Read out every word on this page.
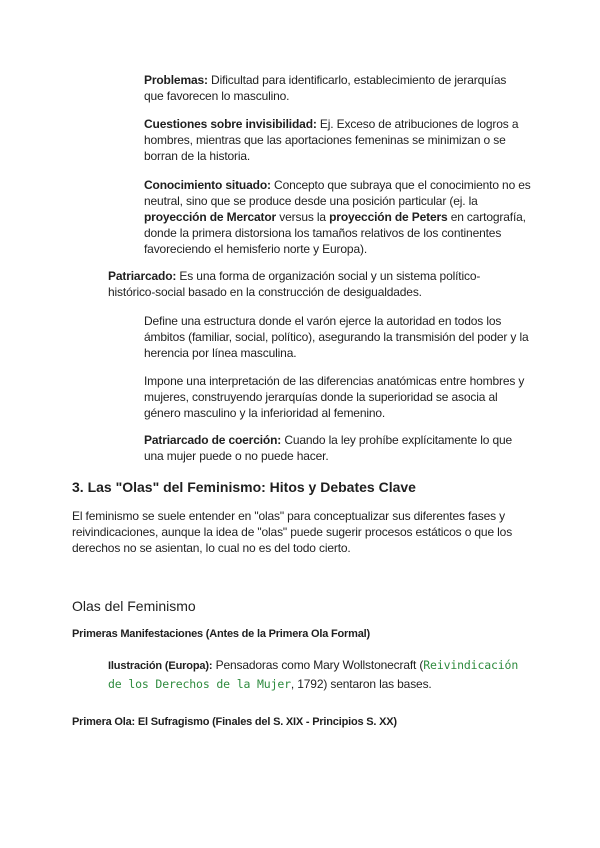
Problemas: Dificultad para identificarlo, establecimiento de jerarquías que favorecen lo masculino.
Cuestiones sobre invisibilidad: Ej. Exceso de atribuciones de logros a hombres, mientras que las aportaciones femeninas se minimizan o se borran de la historia.
Conocimiento situado: Concepto que subraya que el conocimiento no es neutral, sino que se produce desde una posición particular (ej. la proyección de Mercator versus la proyección de Peters en cartografía, donde la primera distorsiona los tamaños relativos de los continentes favoreciendo el hemisferio norte y Europa).
Patriarcado: Es una forma de organización social y un sistema político-histórico-social basado en la construcción de desigualdades.
Define una estructura donde el varón ejerce la autoridad en todos los ámbitos (familiar, social, político), asegurando la transmisión del poder y la herencia por línea masculina.
Impone una interpretación de las diferencias anatómicas entre hombres y mujeres, construyendo jerarquías donde la superioridad se asocia al género masculino y la inferioridad al femenino.
Patriarcado de coerción: Cuando la ley prohíbe explícitamente lo que una mujer puede o no puede hacer.
3. Las "Olas" del Feminismo: Hitos y Debates Clave
El feminismo se suele entender en "olas" para conceptualizar sus diferentes fases y reivindicaciones, aunque la idea de "olas" puede sugerir procesos estáticos o que los derechos no se asientan, lo cual no es del todo cierto.
Olas del Feminismo
Primeras Manifestaciones (Antes de la Primera Ola Formal)
Ilustración (Europa): Pensadoras como Mary Wollstonecraft (Reivindicación de los Derechos de la Mujer, 1792) sentaron las bases.
Primera Ola: El Sufragismo (Finales del S. XIX - Principios S. XX)
